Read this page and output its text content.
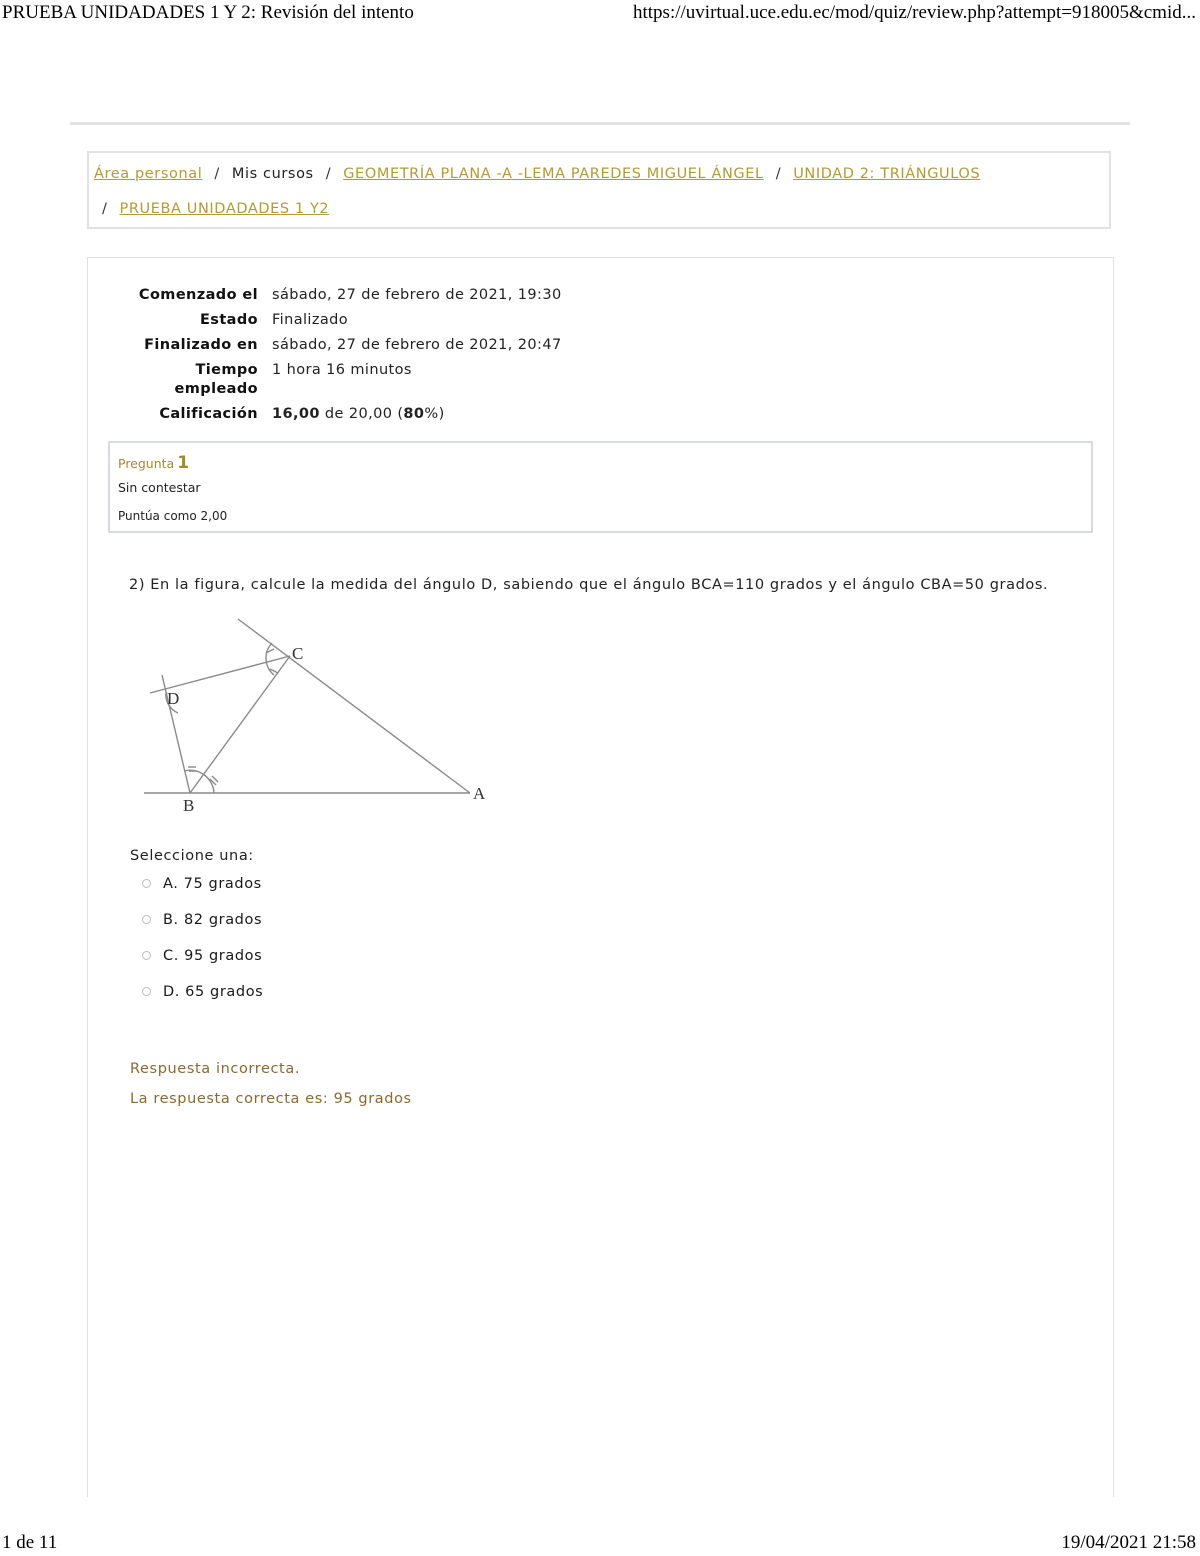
PRUEBA UNIDADADES 1 Y 2: Revisión del intento	https://uvirtual.uce.edu.ec/mod/quiz/review.php?attempt=918005&cmid...
Área personal / Mis cursos / GEOMETRÍA PLANA -A -LEMA PAREDES MIGUEL ÁNGEL / UNIDAD 2: TRIÁNGULOS
/ PRUEBA UNIDADADES 1 Y2
Comenzado el	sábado, 27 de febrero de 2021, 19:30
Estado	Finalizado
Finalizado en	sábado, 27 de febrero de 2021, 20:47
Tiempo empleado	1 hora 16 minutos
Calificación	16,00 de 20,00 (80%)
Pregunta 1
Sin contestar
Puntúa como 2,00
2) En la figura, calcule la medida del ángulo D, sabiendo que el ángulo BCA=110 grados y el ángulo CBA=50 grados.
C
A
B
D
Seleccione una:
A. 75 grados
B. 82 grados
C. 95 grados
D. 65 grados
Respuesta incorrecta.
La respuesta correcta es: 95 grados
1 de 11	19/04/2021 21:58
